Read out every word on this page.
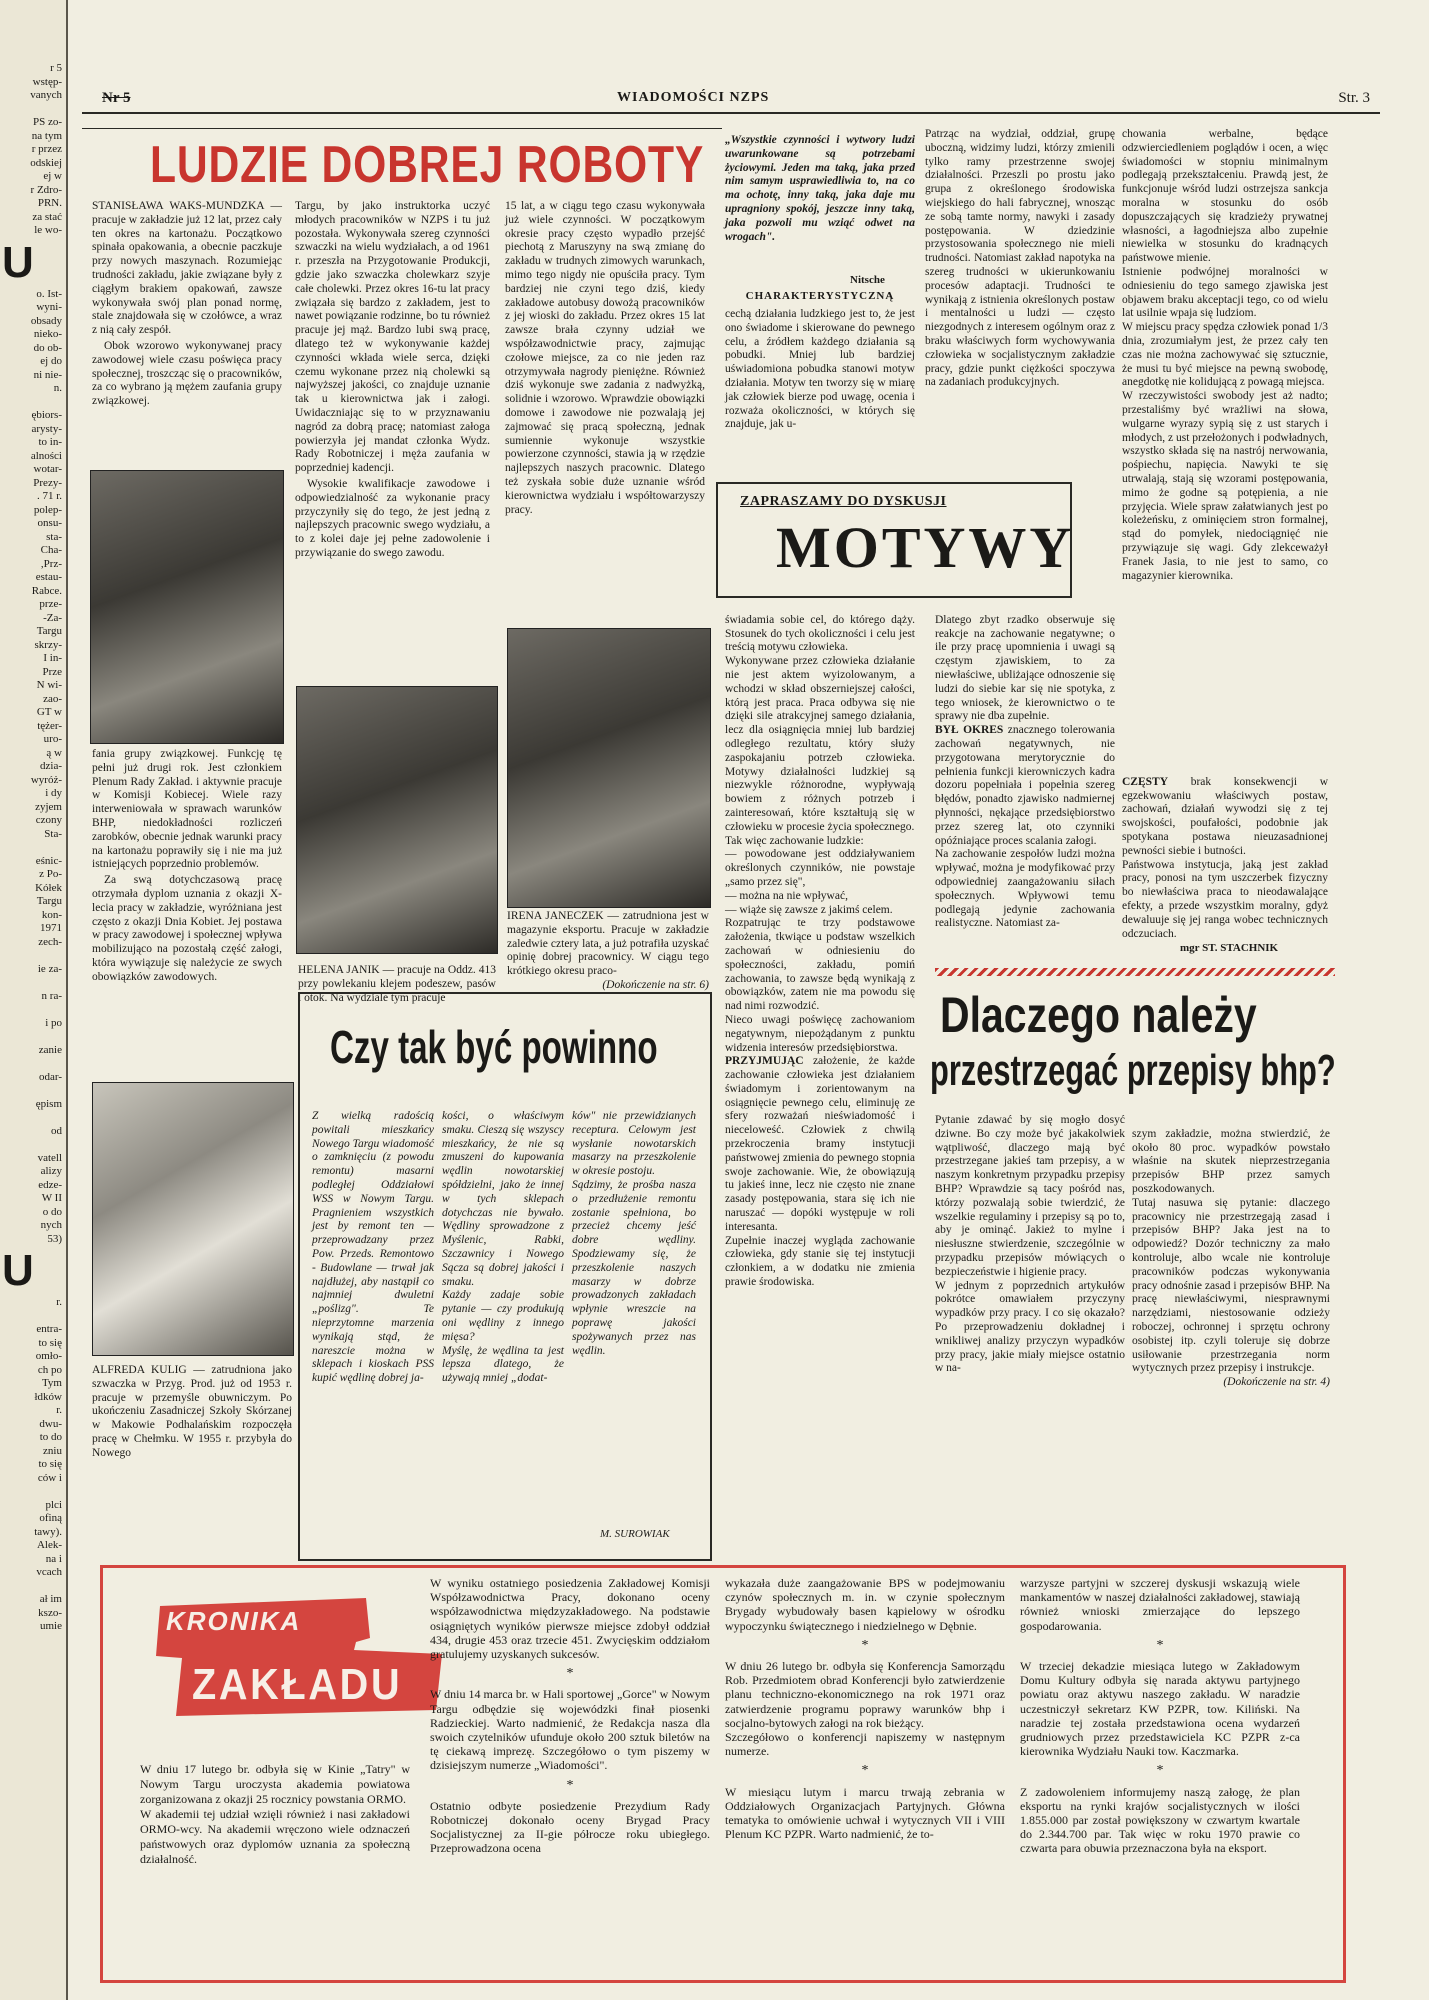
r 5

wstęp-

vanych

PS zo-

na tym

r przez

odskiej

ej w

r Zdro-

PRN.

za stać

le wo-

U

o. Ist-

wyni-

obsady

nieko-

do ob-

ej do

ni nie-

n.

ębiors-

arysty-

to in-

alności

wotar-

Prezy-

. 71 r.

polep-

onsu-

sta-

Cha-

,Prz-

estau-

Rabce.

prze-

-Za-

Targu

skrzy-

I in-

Prze

N wi-

zao-

GT w

tężer-

uro-

ą w

dzia-

wyróż-

i dy

zyjem

czony

Sta-

eśnic-

z Po-

Kółek

Targu

kon-

1971

zech-

ie za-

n ra-

i po

zanie

odar-

ępism

od

vatell

alizy

edze-

W II

o do

nych

53)

U

r.

entra-

to się

omło-

ch po

Tym

łdków

r.

dwu-

to do

zniu

to się

ców i

plci

ofiną

tawy).

Alek-

na i

vcach

ał im

kszo-

umie

Nr 5	WIADOMOŚCI NZPS	Str. 3
LUDZIE DOBREJ ROBOTY

STANISŁAWA WAKS-MUNDZKA — pracuje w zakładzie już 12 lat, przez cały ten okres na kartonażu. Początkowo spinała opakowania, a obecnie paczkuje przy nowych maszynach. Rozumiejąc trudności zakładu, jakie związane były z ciągłym brakiem opakowań, zawsze wykonywała swój plan ponad normę, stale znajdowała się w czołówce, a wraz z nią cały zespół.

Obok wzorowo wykonywanej pracy zawodowej wiele czasu poświęca pracy społecznej, troszcząc się o pracowników, za co wybrano ją mężem zaufania grupy związkowej.

fania grupy związkowej. Funkcję tę pełni już drugi rok. Jest członkiem Plenum Rady Zakład. i aktywnie pracuje w Komisji Kobiecej. Wiele razy interweniowała w sprawach warunków BHP, niedokładności rozliczeń zarobków, obecnie jednak warunki pracy na kartonażu poprawiły się i nie ma już istniejących poprzednio problemów.

Za swą dotychczasową pracę otrzymała dyplom uznania z okazji X-lecia pracy w zakładzie, wyróżniana jest często z okazji Dnia Kobiet. Jej postawa w pracy zawodowej i społecznej wpływa mobilizująco na pozostałą część załogi, która wywiązuje się należycie ze swych obowiązków zawodowych.

ALFREDA KULIG — zatrudniona jako szwaczka w Przyg. Prod. już od 1953 r. pracuje w przemyśle obuwniczym. Po ukończeniu Zasadniczej Szkoły Skórzanej w Makowie Podhalańskim rozpoczęła pracę w Chełmku. W 1955 r. przybyła do Nowego

Targu, by jako instruktorka uczyć młodych pracowników w NZPS i tu już pozostała. Wykonywała szereg czynności szwaczki na wielu wydziałach, a od 1961 r. przeszła na Przygotowanie Produkcji, gdzie jako szwaczka cholewkarz szyje całe cholewki. Przez okres 16-tu lat pracy związała się bardzo z zakładem, jest to nawet powiązanie rodzinne, bo tu również pracuje jej mąż. Bardzo lubi swą pracę, dlatego też w wykonywanie każdej czynności wkłada wiele serca, dzięki czemu wykonane przez nią cholewki są najwyższej jakości, co znajduje uznanie tak u kierownictwa jak i załogi. Uwidaczniając się to w przyznawaniu nagród za dobrą pracę; natomiast załoga powierzyła jej mandat członka Wydz. Rady Robotniczej i męża zaufania w poprzedniej kadencji.

Wysokie kwalifikacje zawodowe i odpowiedzialność za wykonanie pracy przyczyniły się do tego, że jest jedną z najlepszych pracownic swego wydziału, a to z kolei daje jej pełne zadowolenie i przywiązanie do swego zawodu.

HELENA JANIK — pracuje na Oddz. 413 przy powlekaniu klejem podeszew, pasów i otok. Na wydziale tym pracuje

15 lat, a w ciągu tego czasu wykonywała już wiele czynności. W początkowym okresie pracy często wypadło przejść piechotą z Maruszyny na swą zmianę do zakładu w trudnych zimowych warunkach, mimo tego nigdy nie opuściła pracy. Tym bardziej nie czyni tego dziś, kiedy zakładowe autobusy dowożą pracowników z jej wioski do zakładu. Przez okres 15 lat zawsze brała czynny udział we współzawodnictwie pracy, zajmując czołowe miejsce, za co nie jeden raz otrzymywała nagrody pieniężne. Również dziś wykonuje swe zadania z nadwyżką, solidnie i wzorowo. Wprawdzie obowiązki domowe i zawodowe nie pozwalają jej zajmować się pracą społeczną, jednak sumiennie wykonuje wszystkie powierzone czynności, stawia ją w rzędzie najlepszych naszych pracownic. Dlatego też zyskała sobie duże uznanie wśród kierownictwa wydziału i współtowarzyszy pracy.

IRENA JANECZEK — zatrudniona jest w magazynie eksportu. Pracuje w zakładzie zaledwie cztery lata, a już potrafiła uzyskać opinię dobrej pracownicy. W ciągu tego krótkiego okresu praco-

(Dokończenie na str. 6)
Czy tak być powinno
Z wielką radością powitali mieszkańcy Nowego Targu wiadomość o zamknięciu (z powodu remontu) masarni podległej Oddziałowi WSS w Nowym Targu. Pragnieniem wszystkich jest by remont ten — przeprowadzany przez Pow. Przeds. Remontowo - Budowlane — trwał jak najdłużej, aby nastąpił co najmniej dwuletni „poślizg". Te nieprzytomne marzenia wynikają stąd, że nareszcie można w sklepach i kioskach PSS kupić wędlinę dobrej ja-
kości, o właściwym smaku. Cieszą się wszyscy mieszkańcy, że nie są zmuszeni do kupowania wędlin nowotarskiej spółdzielni, jako że innej w tych sklepach dotychczas nie bywało. Wędliny sprowadzone z Myślenic, Rabki, Szczawnicy i Nowego Sącza są dobrej jakości i smaku.
Każdy zadaje sobie pytanie — czy produkują oni wędliny z innego mięsa?
Myślę, że wędlina ta jest lepsza dlatego, że używają mniej „dodat-
ków" nie przewidzianych receptura. Celowym jest wysłanie nowotarskich masarzy na przeszkolenie w okresie postoju.
Sądzimy, że prośba nasza o przedłużenie remontu zostanie spełniona, bo przecież chcemy jeść dobre wędliny. Spodziewamy się, że przeszkolenie naszych masarzy w dobrze prowadzonych zakładach wpłynie wreszcie na poprawę jakości spożywanych przez nas wędlin.
M. SUROWIAK
„Wszystkie czynności i wytwory ludzi uwarunkowane są potrzebami życiowymi. Jeden ma taką, jaka przed nim samym usprawiedliwia to, na co ma ochotę, inny taką, jaka daje mu upragniony spokój, jeszcze inny taką, jaka pozwoli mu wziąć odwet na wrogach".
Nitsche
CHARAKTERYSTYCZNĄ
cechą działania ludzkiego jest to, że jest ono świadome i skierowane do pewnego celu, a źródłem każdego działania są pobudki. Mniej lub bardziej uświadomiona pobudka stanowi motyw działania. Motyw ten tworzy się w miarę jak człowiek bierze pod uwagę, ocenia i rozważa okoliczności, w których się znajduje, jak u-
ZAPRASZAMY DO DYSKUSJI
MOTYWY
Patrząc na wydział, oddział, grupę uboczną, widzimy ludzi, którzy zmienili tylko ramy przestrzenne swojej działalności. Przeszli po prostu jako grupa z określonego środowiska wiejskiego do hali fabrycznej, wnosząc ze sobą tamte normy, nawyki i zasady postępowania. W dziedzinie przystosowania społecznego nie mieli trudności. Natomiast zakład napotyka na szereg trudności w ukierunkowaniu procesów adaptacji. Trudności te wynikają z istnienia określonych postaw i mentalności u ludzi — często niezgodnych z interesem ogólnym oraz z braku właściwych form wychowywania człowieka w socjalistycznym zakładzie pracy, gdzie punkt ciężkości spoczywa na zadaniach produkcyjnych.
chowania werbalne, będące odzwierciedleniem poglądów i ocen, a więc świadomości w stopniu minimalnym podlegają przekształceniu. Prawdą jest, że funkcjonuje wśród ludzi ostrzejsza sankcja moralna w stosunku do osób dopuszczających się kradzieży prywatnej własności, a łagodniejsza albo zupełnie niewielka w stosunku do kradnących państwowe mienie.
Istnienie podwójnej moralności w odniesieniu do tego samego zjawiska jest objawem braku akceptacji tego, co od wielu lat usilnie wpaja się ludziom.
W miejscu pracy spędza człowiek ponad 1/3 dnia, zrozumiałym jest, że przez cały ten czas nie można zachowywać się sztucznie, że musi tu być miejsce na pewną swobodę, anegdotkę nie kolidującą z powagą miejsca.
W rzeczywistości swobody jest aż nadto; przestaliśmy być wrażliwi na słowa, wulgarne wyrazy sypią się z ust starych i młodych, z ust przełożonych i podwładnych, wszystko składa się na nastrój nerwowania, pośpiechu, napięcia. Nawyki te się utrwalają, stają się wzorami postępowania, mimo że godne są potępienia, a nie przyjęcia. Wiele spraw załatwianych jest po koleżeńsku, z ominięciem stron formalnej, stąd do pomyłek, niedociągnięć nie przywiązuje się wagi. Gdy zlekceważył Franek Jasia, to nie jest to samo, co magazynier kierownika.

świadamia sobie cel, do którego dąży. Stosunek do tych okoliczności i celu jest treścią motywu człowieka.
Wykonywane przez człowieka działanie nie jest aktem wyizolowanym, a wchodzi w skład obszerniejszej całości, którą jest praca. Praca odbywa się nie dzięki sile atrakcyjnej samego działania, lecz dla osiągnięcia mniej lub bardziej odległego rezultatu, który służy zaspokajaniu potrzeb człowieka. Motywy działalności ludzkiej są niezwykle różnorodne, wypływają bowiem z różnych potrzeb i zainteresowań, które kształtują się w człowieku w procesie życia społecznego.
Tak więc zachowanie ludzkie:
— powodowane jest oddziaływaniem określonych czynników, nie powstaje „samo przez się",
— można na nie wpływać,
— wiąże się zawsze z jakimś celem.
Rozpatrując te trzy podstawowe założenia, tkwiące u podstaw wszelkich zachowań w odniesieniu do społeczności, zakładu, pomiń zachowania, to zawsze będą wynikają z obowiązków, zatem nie ma powodu się nad nimi rozwodzić.
Nieco uwagi poświęcę zachowaniom negatywnym, niepożądanym z punktu widzenia interesów przedsiębiorstwa.
PRZYJMUJĄC założenie, że każde zachowanie człowieka jest działaniem świadomym i zorientowanym na osiągnięcie pewnego celu, eliminuję ze sfery rozważań nieświadomość i nieceloweść. Człowiek z chwilą przekroczenia bramy instytucji państwowej zmienia do pewnego stopnia swoje zachowanie. Wie, że obowiązują tu jakieś inne, lecz nie często nie znane zasady postępowania, stara się ich nie naruszać — dopóki występuje w roli interesanta.
Zupełnie inaczej wygląda zachowanie człowieka, gdy stanie się tej instytucji członkiem, a w dodatku nie zmienia prawie środowiska.

Dlatego zbyt rzadko obserwuje się reakcje na zachowanie negatywne; o ile przy pracę upomnienia i uwagi są częstym zjawiskiem, to za niewłaściwe, ubliżające odnoszenie się ludzi do siebie kar się nie spotyka, z tego wniosek, że kierownictwo o te sprawy nie dba zupełnie.
BYŁ OKRES znacznego tolerowania zachowań negatywnych, nie przygotowana merytorycznie do pełnienia funkcji kierowniczych kadra dozoru popełniała i popełnia szereg błędów, ponadto zjawisko nadmiernej płynności, nękające przedsiębiorstwo przez szereg lat, oto czynniki opóźniające proces scalania załogi.
Na zachowanie zespołów ludzi można wpływać, można je modyfikować przy odpowiedniej zaangażowaniu siłach społecznych. Wpływowi temu podlegają jedynie zachowania realistyczne. Natomiast za-

CZĘSTY brak konsekwencji w egzekwowaniu właściwych postaw, zachowań, działań wywodzi się z tej swojskości, poufałości, podobnie jak spotykana postawa nieuzasadnionej pewności siebie i butności.
Państwowa instytucja, jaką jest zakład pracy, ponosi na tym uszczerbek fizyczny bo niewłaściwa praca to nieodawalające efekty, a przede wszystkim moralny, gdyż dewaluuje się jej ranga wobec technicznych odczuciach.

mgr ST. STACHNIK
Dlaczego należy
przestrzegać przepisy bhp?
Pytanie zdawać by się mogło dosyć dziwne. Bo czy może być jakakolwiek wątpliwość, dlaczego mają być przestrzegane jakieś tam przepisy, a w naszym konkretnym przypadku przepisy BHP? Wprawdzie są tacy pośród nas, którzy pozwalają sobie twierdzić, że wszelkie regulaminy i przepisy są po to, aby je ominąć. Jakież to mylne i niesłuszne stwierdzenie, szczególnie w przypadku przepisów mówiących o bezpieczeństwie i higienie pracy.
W jednym z poprzednich artykułów pokrótce omawiałem przyczyny wypadków przy pracy. I co się okazało? Po przeprowadzeniu dokładnej i wnikliwej analizy przyczyn wypadków przy pracy, jakie miały miejsce ostatnio w na-

szym zakładzie, można stwierdzić, że około 80 proc. wypadków powstało właśnie na skutek nieprzestrzegania przepisów BHP przez samych poszkodowanych.
Tutaj nasuwa się pytanie: dlaczego pracownicy nie przestrzegają zasad i przepisów BHP? Jaka jest na to odpowiedź? Dozór techniczny za mało kontroluje, albo wcale nie kontroluje pracowników podczas wykonywania pracy odnośnie zasad i przepisów BHP. Na pracę niewłaściwymi, niesprawnymi narzędziami, niestosowanie odzieży roboczej, ochronnej i sprzętu ochrony osobistej itp. czyli toleruje się dobrze usiłowanie przestrzegania norm wytycznych przez przepisy i instrukcje.

(Dokończenie na str. 4)

KRONIKA
ZAKŁADU
W dniu 17 lutego br. odbyła się w Kinie „Tatry" w Nowym Targu uroczysta akademia powiatowa zorganizowana z okazji 25 rocznicy powstania ORMO.
W akademii tej udział wzięli również i nasi zakładowi ORMO-wcy. Na akademii wręczono wiele odznaczeń państwowych oraz dyplomów uznania za społeczną działalność.
W wyniku ostatniego posiedzenia Zakładowej Komisji Współzawodnictwa Pracy, dokonano oceny współzawodnictwa międzyzakładowego. Na podstawie osiągniętych wyników pierwsze miejsce zdobył oddział 434, drugie 453 oraz trzecie 451. Zwycięskim oddziałom gratulujemy uzyskanych sukcesów.
*
W dniu 14 marca br. w Hali sportowej „Gorce" w Nowym Targu odbędzie się wojewódzki finał piosenki Radzieckiej. Warto nadmienić, że Redakcja nasza dla swoich czytelników ufunduje około 200 sztuk biletów na tę ciekawą imprezę. Szczegółowo o tym piszemy w dzisiejszym numerze „Wiadomości".
*
Ostatnio odbyte posiedzenie Prezydium Rady Robotniczej dokonało oceny Brygad Pracy Socjalistycznej za II-gie półrocze roku ubiegłego. Przeprowadzona ocena
wykazała duże zaangażowanie BPS w podejmowaniu czynów społecznych m. in. w czynie społecznym Brygady wybudowały basen kąpielowy w ośrodku wypoczynku świątecznego i niedzielnego w Dębnie.
*
W dniu 26 lutego br. odbyła się Konferencja Samorządu Rob. Przedmiotem obrad Konferencji było zatwierdzenie planu techniczno-ekonomicznego na rok 1971 oraz zatwierdzenie programu poprawy warunków bhp i socjalno-bytowych załogi na rok bieżący.
Szczegółowo o konferencji napiszemy w następnym numerze.
*
W miesiącu lutym i marcu trwają zebrania w Oddziałowych Organizacjach Partyjnych. Główna tematyka to omówienie uchwał i wytycznych VII i VIII Plenum KC PZPR. Warto nadmienić, że to-
warzysze partyjni w szczerej dyskusji wskazują wiele mankamentów w naszej działalności zakładowej, stawiają również wnioski zmierzające do lepszego gospodarowania.
*
W trzeciej dekadzie miesiąca lutego w Zakładowym Domu Kultury odbyła się narada aktywu partyjnego powiatu oraz aktywu naszego zakładu. W naradzie uczestniczył sekretarz KW PZPR, tow. Kiliński. Na naradzie tej została przedstawiona ocena wydarzeń grudniowych przez przedstawiciela KC PZPR z-ca kierownika Wydziału Nauki tow. Kaczmarka.
*
Z zadowoleniem informujemy naszą załogę, że plan eksportu na rynki krajów socjalistycznych w ilości 1.855.000 par został powiększony w czwartym kwartale do 2.344.700 par. Tak więc w roku 1970 prawie co czwarta para obuwia przeznaczona była na eksport.
